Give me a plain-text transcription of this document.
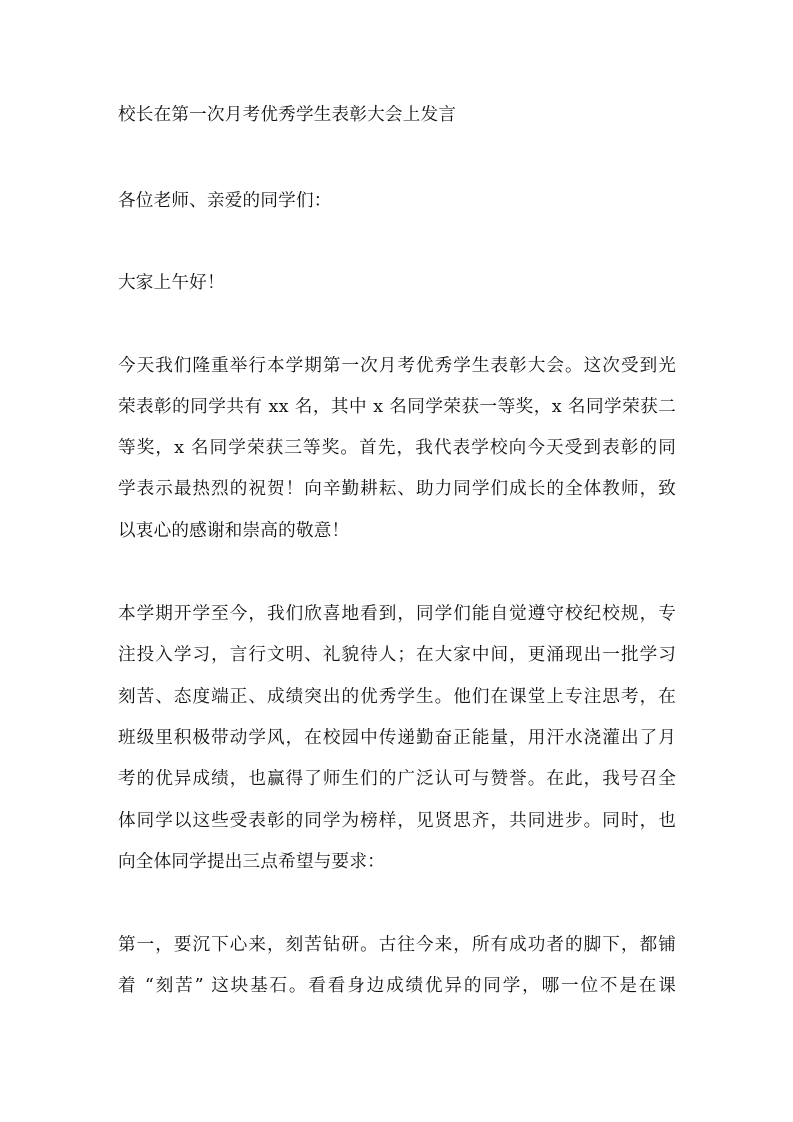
校长在第一次月考优秀学生表彰大会上发言
各位老师、亲爱的同学们：
大家上午好！
今天我们隆重举行本学期第一次月考优秀学生表彰大会。这次受到光
荣表彰的同学共有 xx 名，其中 x 名同学荣获一等奖，x 名同学荣获二
等奖，x 名同学荣获三等奖。首先，我代表学校向今天受到表彰的同
学表示最热烈的祝贺！向辛勤耕耘、助力同学们成长的全体教师，致
以衷心的感谢和崇高的敬意！
本学期开学至今，我们欣喜地看到，同学们能自觉遵守校纪校规，专
注投入学习，言行文明、礼貌待人；在大家中间，更涌现出一批学习
刻苦、态度端正、成绩突出的优秀学生。他们在课堂上专注思考，在
班级里积极带动学风，在校园中传递勤奋正能量，用汗水浇灌出了月
考的优异成绩，也赢得了师生们的广泛认可与赞誉。在此，我号召全
体同学以这些受表彰的同学为榜样，见贤思齐，共同进步。同时，也
向全体同学提出三点希望与要求：
第一，要沉下心来，刻苦钻研。古往今来，所有成功者的脚下，都铺
着 “刻苦” 这块基石。看看身边成绩优异的同学，哪一位不是在课
